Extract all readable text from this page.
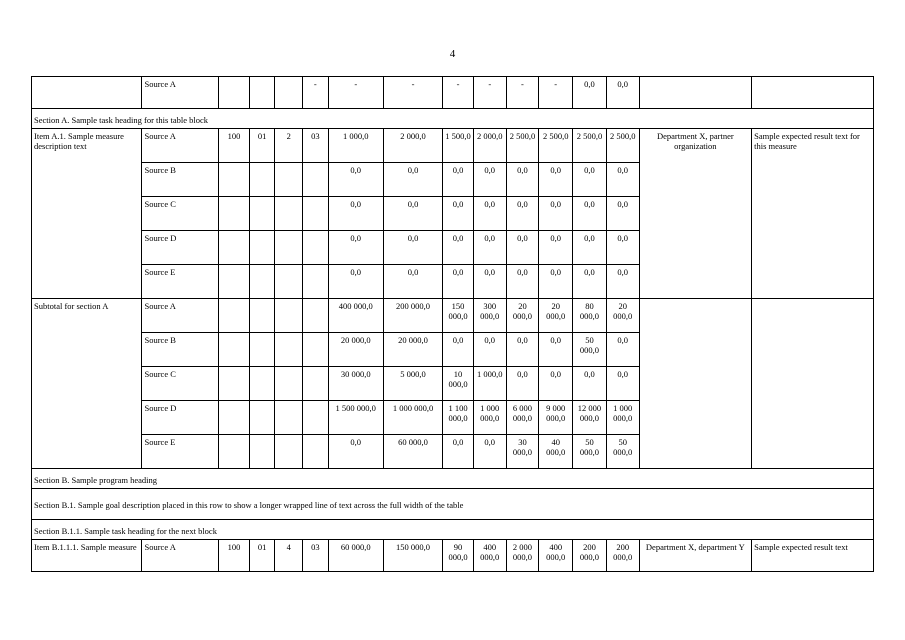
4
	Source A				-	-	-	-	-	-	-	0,0	0,0		
Section A. Sample task heading for this table block															
Item A.1. Sample measure description text	Source A	100	01	2	03	1 000,0	2 000,0	1 500,0	2 000,0	2 500,0	2 500,0	2 500,0	2 500,0	Department X, partner organization	Sample expected result text for this measure
	Source B					0,0	0,0	0,0	0,0	0,0	0,0	0,0	0,0		
	Source C					0,0	0,0	0,0	0,0	0,0	0,0	0,0	0,0		
	Source D					0,0	0,0	0,0	0,0	0,0	0,0	0,0	0,0		
	Source E					0,0	0,0	0,0	0,0	0,0	0,0	0,0	0,0		
Subtotal for section A	Source A					400 000,0	200 000,0	150 000,0	300 000,0	20 000,0	20 000,0	80 000,0	20 000,0		
	Source B					20 000,0	20 000,0	0,0	0,0	0,0	0,0	50 000,0	0,0		
	Source C					30 000,0	5 000,0	10 000,0	1 000,0	0,0	0,0	0,0	0,0		
	Source D					1 500 000,0	1 000 000,0	1 100 000,0	1 000 000,0	6 000 000,0	9 000 000,0	12 000 000,0	1 000 000,0		
	Source E					0,0	60 000,0	0,0	0,0	30 000,0	40 000,0	50 000,0	50 000,0		
Section B. Sample program heading															
Section B.1. Sample goal description placed in this row to show a longer wrapped line of text across the full width of the table															
Section B.1.1. Sample task heading for the next block															
Item B.1.1.1. Sample measure	Source A	100	01	4	03	60 000,0	150 000,0	90 000,0	400 000,0	2 000 000,0	400 000,0	200 000,0	200 000,0	Department X, department Y	Sample expected result text
